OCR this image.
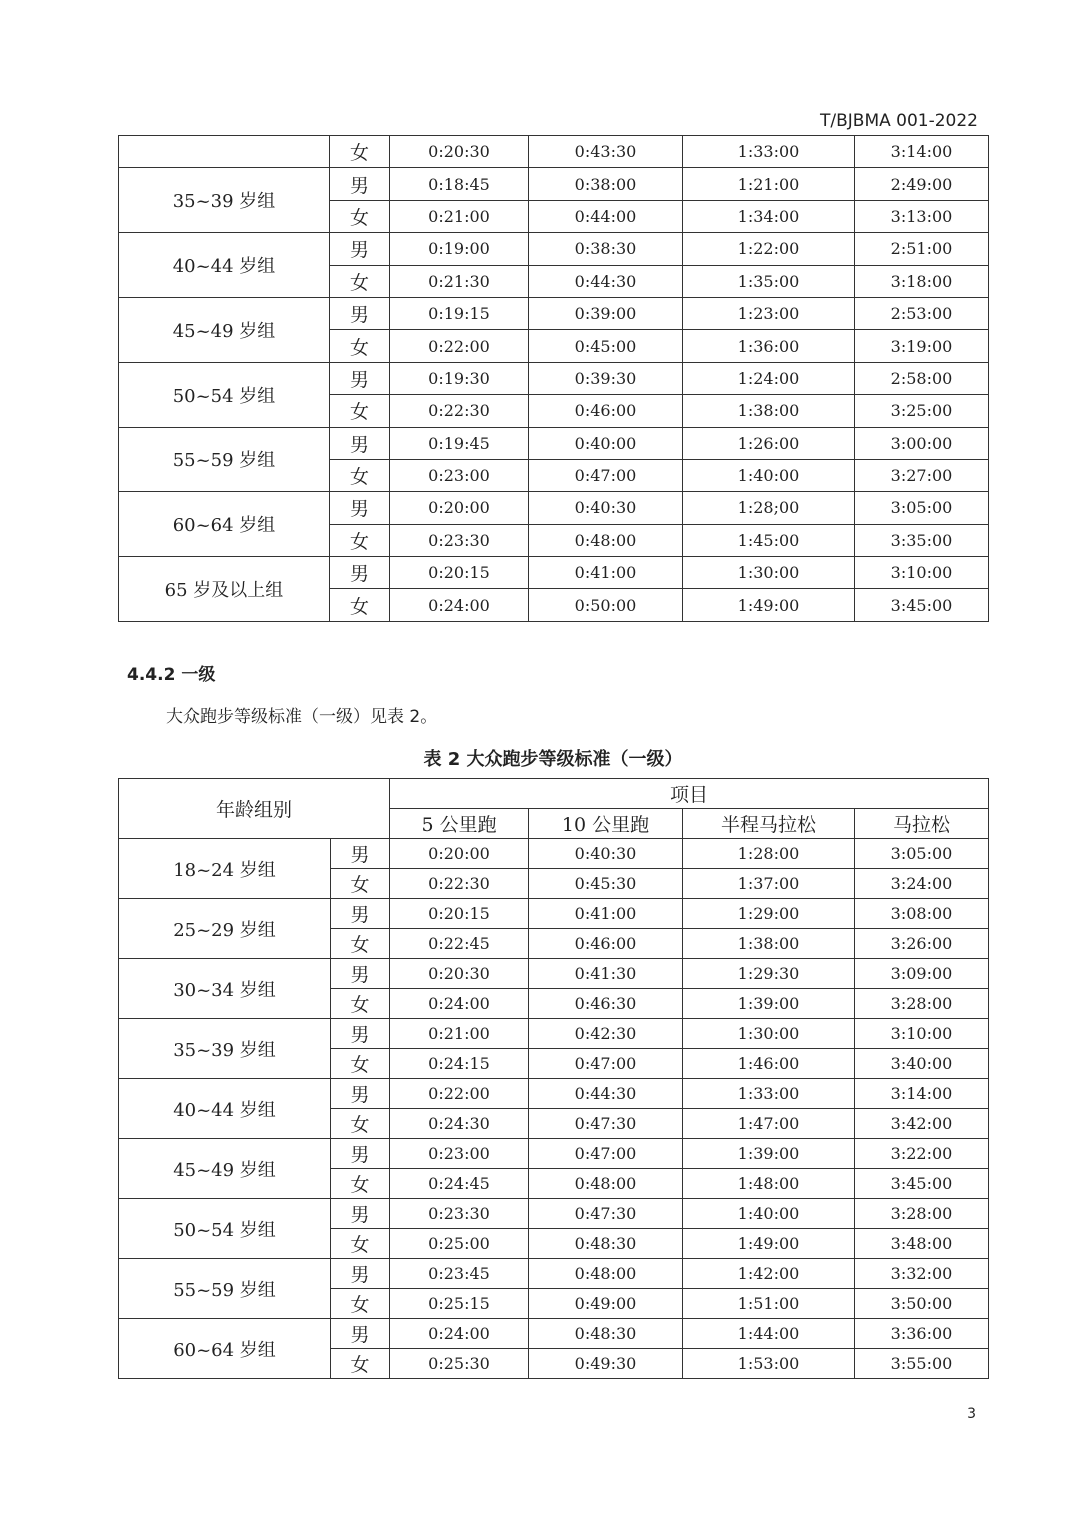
T/BJBMA 001-2022
	女	0:20:30	0:43:30	1:33:00	3:14:00
35~39 岁组	男	0:18:45	0:38:00	1:21:00	2:49:00
	女	0:21:00	0:44:00	1:34:00	3:13:00
40~44 岁组	男	0:19:00	0:38:30	1:22:00	2:51:00
	女	0:21:30	0:44:30	1:35:00	3:18:00
45~49 岁组	男	0:19:15	0:39:00	1:23:00	2:53:00
	女	0:22:00	0:45:00	1:36:00	3:19:00
50~54 岁组	男	0:19:30	0:39:30	1:24:00	2:58:00
	女	0:22:30	0:46:00	1:38:00	3:25:00
55~59 岁组	男	0:19:45	0:40:00	1:26:00	3:00:00
	女	0:23:00	0:47:00	1:40:00	3:27:00
60~64 岁组	男	0:20:00	0:40:30	1:28;00	3:05:00
	女	0:23:30	0:48:00	1:45:00	3:35:00
65 岁及以上组	男	0:20:15	0:41:00	1:30:00	3:10:00
	女	0:24:00	0:50:00	1:49:00	3:45:00
4.4.2 一级
大众跑步等级标准（一级）见表 2。
表 2 大众跑步等级标准（一级）
年龄组别		项目			
		5 公里跑	10 公里跑	半程马拉松	马拉松
18~24 岁组	男	0:20:00	0:40:30	1:28:00	3:05:00
	女	0:22:30	0:45:30	1:37:00	3:24:00
25~29 岁组	男	0:20:15	0:41:00	1:29:00	3:08:00
	女	0:22:45	0:46:00	1:38:00	3:26:00
30~34 岁组	男	0:20:30	0:41:30	1:29:30	3:09:00
	女	0:24:00	0:46:30	1:39:00	3:28:00
35~39 岁组	男	0:21:00	0:42:30	1:30:00	3:10:00
	女	0:24:15	0:47:00	1:46:00	3:40:00
40~44 岁组	男	0:22:00	0:44:30	1:33:00	3:14:00
	女	0:24:30	0:47:30	1:47:00	3:42:00
45~49 岁组	男	0:23:00	0:47:00	1:39:00	3:22:00
	女	0:24:45	0:48:00	1:48:00	3:45:00
50~54 岁组	男	0:23:30	0:47:30	1:40:00	3:28:00
	女	0:25:00	0:48:30	1:49:00	3:48:00
55~59 岁组	男	0:23:45	0:48:00	1:42:00	3:32:00
	女	0:25:15	0:49:00	1:51:00	3:50:00
60~64 岁组	男	0:24:00	0:48:30	1:44:00	3:36:00
	女	0:25:30	0:49:30	1:53:00	3:55:00
3
